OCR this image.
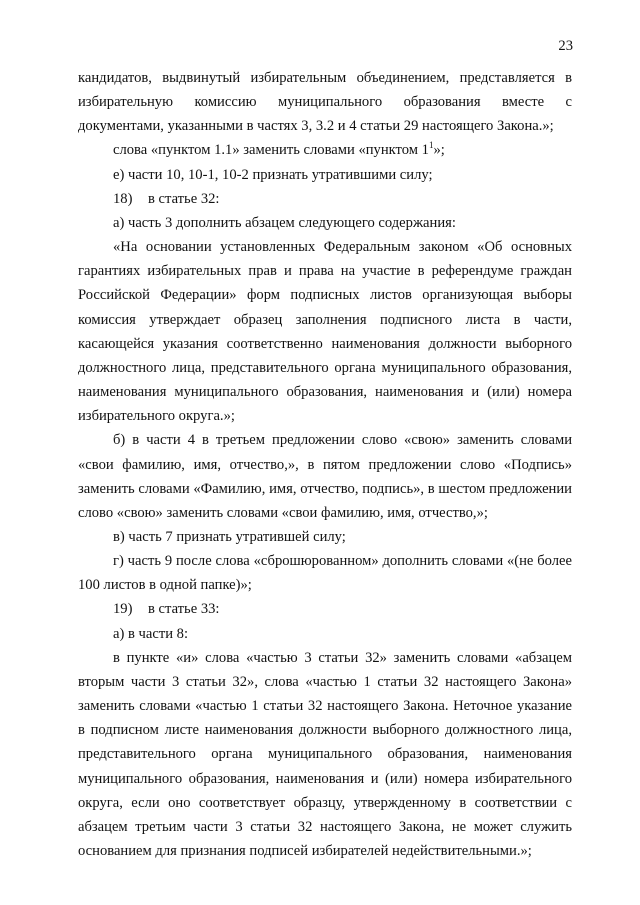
23

кандидатов, выдвинутый избирательным объединением, представляется в избирательную комиссию муниципального образования вместе с документами, указанными в частях 3, 3.2 и 4 статьи 29 настоящего Закона.»;

слова «пунктом 1.1» заменить словами «пунктом $1^1$»;

е) части 10, 10-1, 10-2 признать утратившими силу;

18) в статье 32:

а) часть 3 дополнить абзацем следующего содержания:

«На основании установленных Федеральным законом «Об основных гарантиях избирательных прав и права на участие в референдуме граждан Российской Федерации» форм подписных листов организующая выборы комиссия утверждает образец заполнения подписного листа в части, касающейся указания соответственно наименования должности выборного должностного лица, представительного органа муниципального образования, наименования муниципального образования, наименования и (или) номера избирательного округа.»;

б) в части 4 в третьем предложении слово «свою» заменить словами «свои фамилию, имя, отчество,», в пятом предложении слово «Подпись» заменить словами «Фамилию, имя, отчество, подпись», в шестом предложении слово «свою» заменить словами «свои фамилию, имя, отчество,»;

в) часть 7 признать утратившей силу;

г) часть 9 после слова «сброшюрованном» дополнить словами «(не более 100 листов в одной папке)»;

19) в статье 33:

а) в части 8:

в пункте «и» слова «частью 3 статьи 32» заменить словами «абзацем вторым части 3 статьи 32», слова «частью 1 статьи 32 настоящего Закона» заменить словами «частью 1 статьи 32 настоящего Закона. Неточное указание в подписном листе наименования должности выборного должностного лица, представительного органа муниципального образования, наименования муниципального образования, наименования и (или) номера избирательного округа, если оно соответствует образцу, утвержденному в соответствии с абзацем третьим части 3 статьи 32 настоящего Закона, не может служить основанием для признания подписей избирателей недействительными.»;
